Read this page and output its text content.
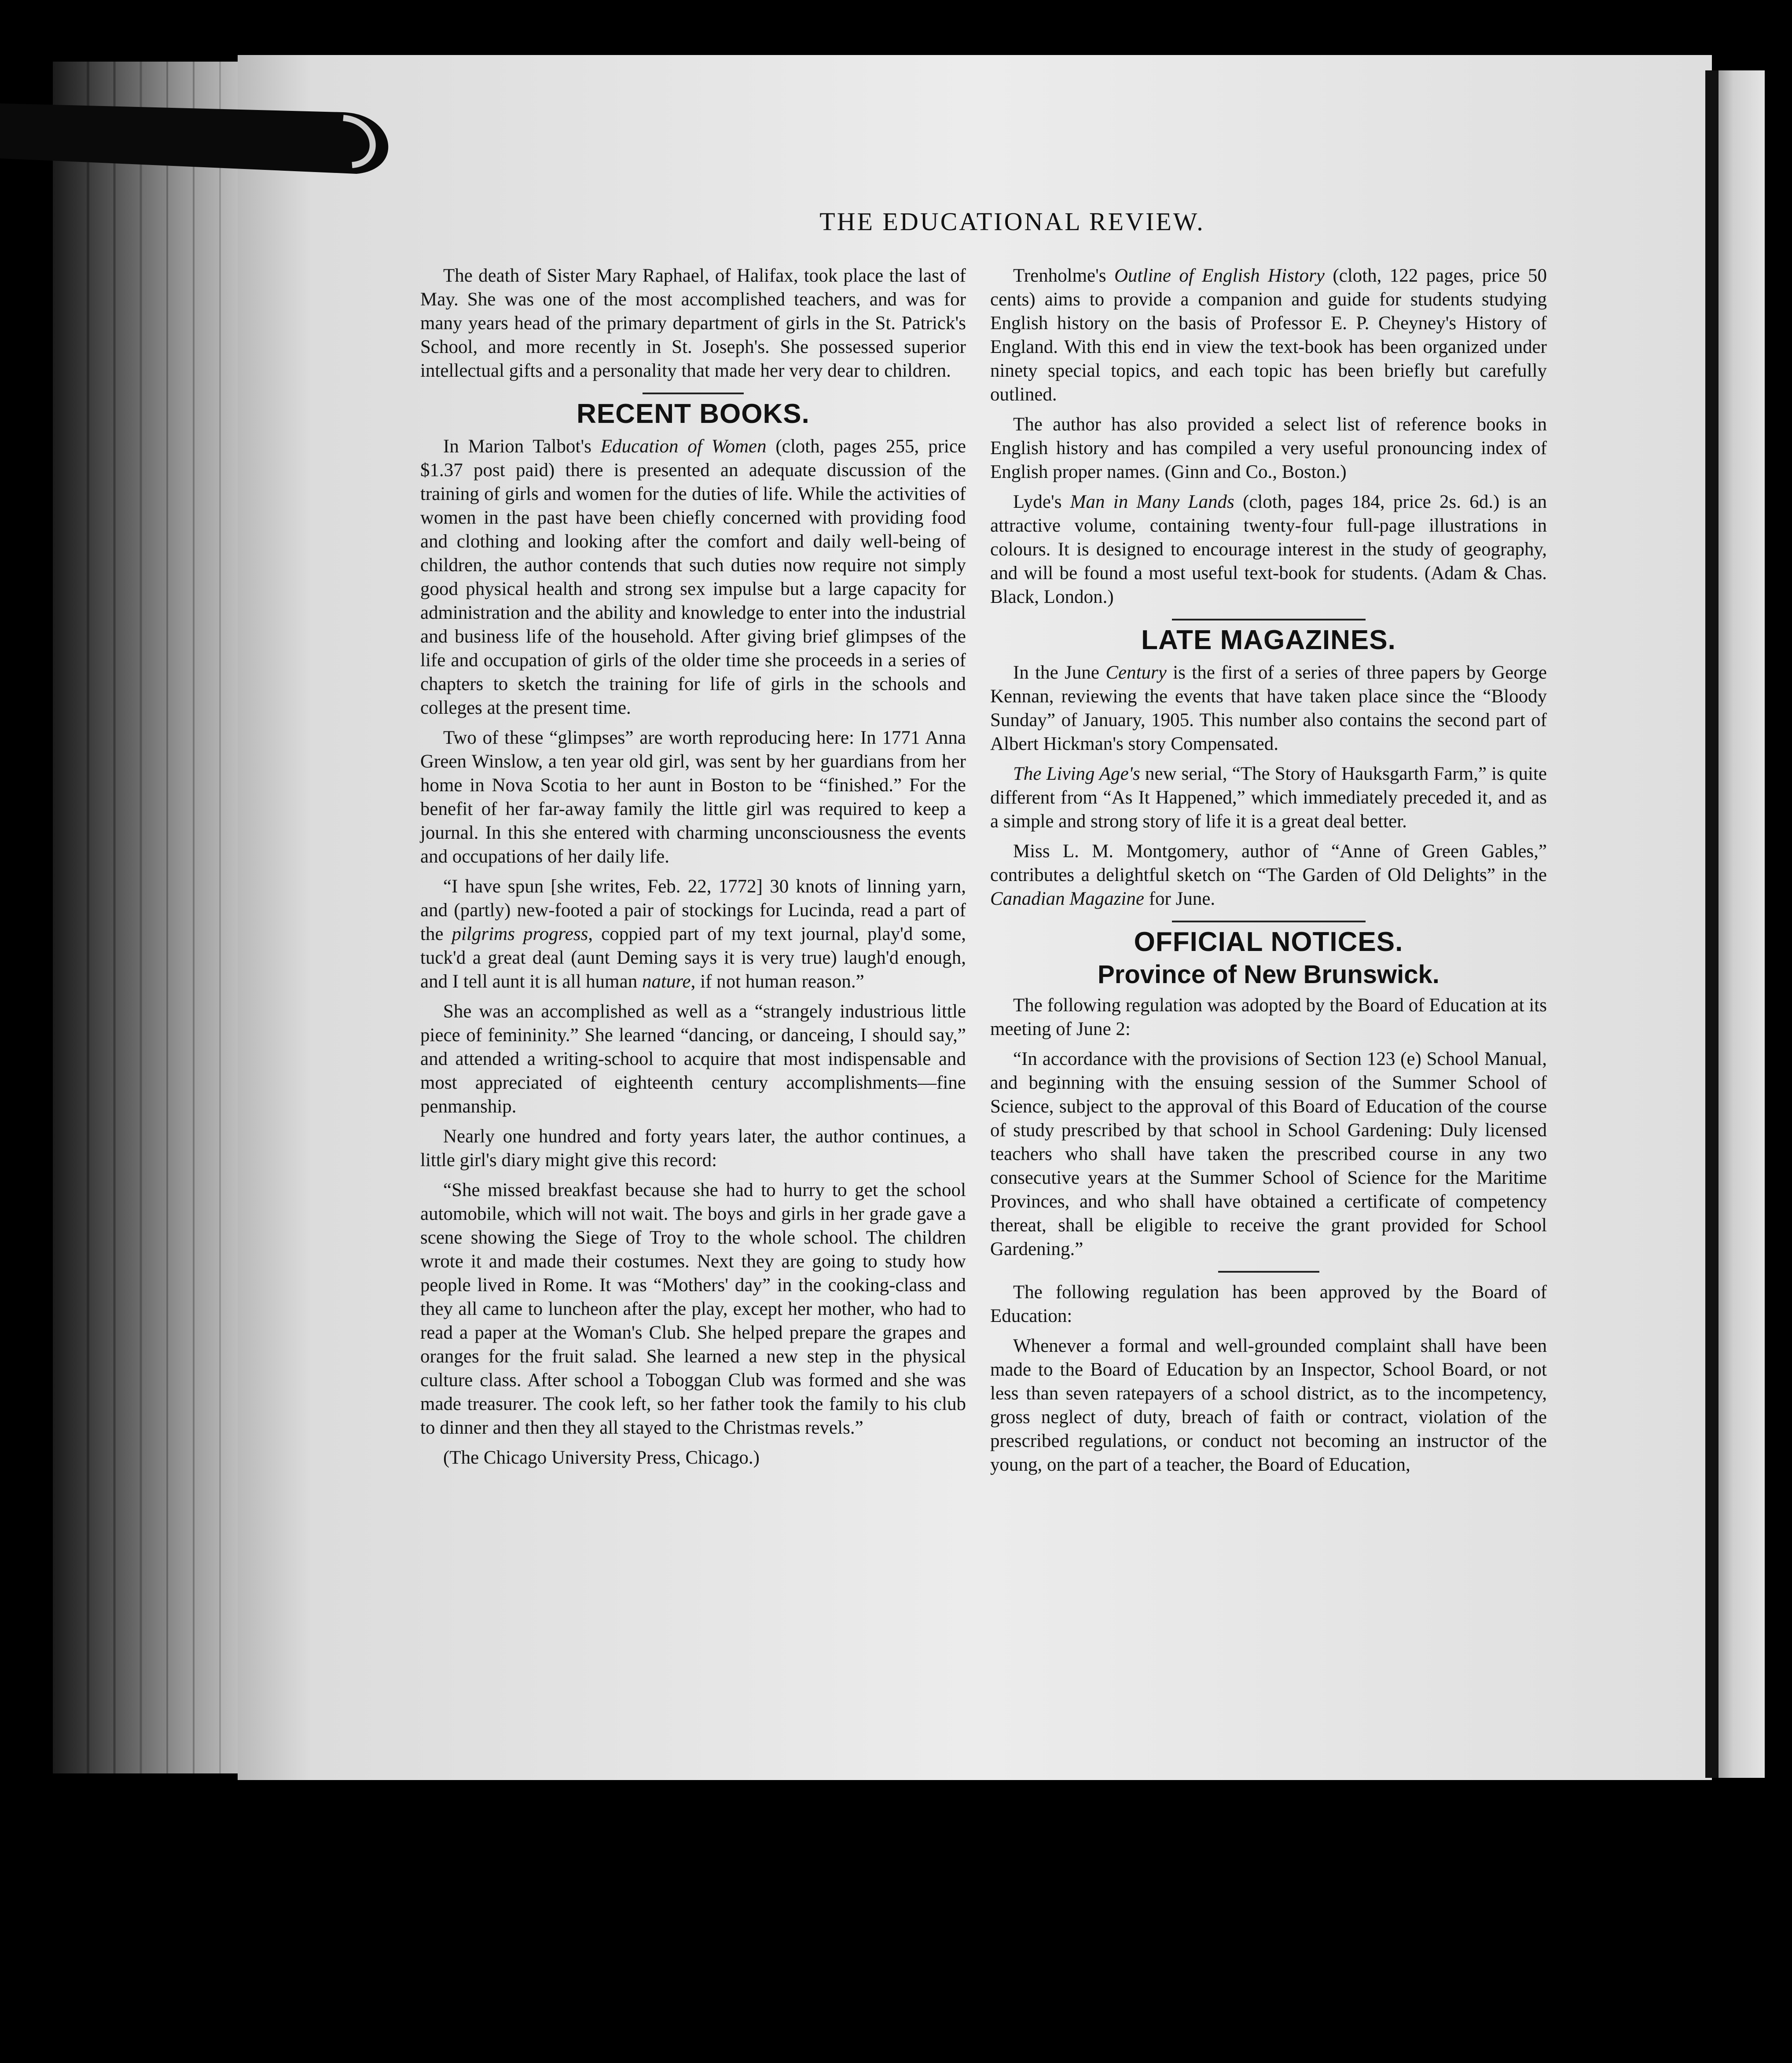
THE EDUCATIONAL REVIEW.

The death of Sister Mary Raphael, of Halifax, took place the last of May. She was one of the most accomplished teachers, and was for many years head of the primary department of girls in the St. Patrick's School, and more recently in St. Joseph's. She possessed superior intellectual gifts and a personality that made her very dear to children.

RECENT BOOKS.

In Marion Talbot's Education of Women (cloth, pages 255, price $1.37 post paid) there is presented an adequate discussion of the training of girls and women for the duties of life. While the activities of women in the past have been chiefly concerned with providing food and clothing and looking after the comfort and daily well-being of children, the author contends that such duties now require not simply good physical health and strong sex impulse but a large capacity for administration and the ability and knowledge to enter into the industrial and business life of the household. After giving brief glimpses of the life and occupation of girls of the older time she proceeds in a series of chapters to sketch the training for life of girls in the schools and colleges at the present time.

Two of these “glimpses” are worth reproducing here: In 1771 Anna Green Winslow, a ten year old girl, was sent by her guardians from her home in Nova Scotia to her aunt in Boston to be “finished.” For the benefit of her far-away family the little girl was required to keep a journal. In this she entered with charming unconsciousness the events and occupations of her daily life.

“I have spun [she writes, Feb. 22, 1772] 30 knots of linning yarn, and (partly) new-footed a pair of stockings for Lucinda, read a part of the pilgrims progress, coppied part of my text journal, play'd some, tuck'd a great deal (aunt Deming says it is very true) laugh'd enough, and I tell aunt it is all human nature, if not human reason.”

She was an accomplished as well as a “strangely industrious little piece of femininity.” She learned “dancing, or danceing, I should say,” and attended a writing-school to acquire that most indispensable and most appreciated of eighteenth century accomplishments—fine penmanship.

Nearly one hundred and forty years later, the author continues, a little girl's diary might give this record:

“She missed breakfast because she had to hurry to get the school automobile, which will not wait. The boys and girls in her grade gave a scene showing the Siege of Troy to the whole school. The children wrote it and made their costumes. Next they are going to study how people lived in Rome. It was “Mothers' day” in the cooking-class and they all came to luncheon after the play, except her mother, who had to read a paper at the Woman's Club. She helped prepare the grapes and oranges for the fruit salad. She learned a new step in the physical culture class. After school a Toboggan Club was formed and she was made treasurer. The cook left, so her father took the family to his club to dinner and then they all stayed to the Christmas revels.”

(The Chicago University Press, Chicago.)

Trenholme's Outline of English History (cloth, 122 pages, price 50 cents) aims to provide a companion and guide for students studying English history on the basis of Professor E. P. Cheyney's History of England. With this end in view the text-book has been organized under ninety special topics, and each topic has been briefly but carefully outlined.

The author has also provided a select list of reference books in English history and has compiled a very useful pronouncing index of English proper names. (Ginn and Co., Boston.)

Lyde's Man in Many Lands (cloth, pages 184, price 2s. 6d.) is an attractive volume, containing twenty-four full-page illustrations in colours. It is designed to encourage interest in the study of geography, and will be found a most useful text-book for students. (Adam & Chas. Black, London.)

LATE MAGAZINES.

In the June Century is the first of a series of three papers by George Kennan, reviewing the events that have taken place since the “Bloody Sunday” of January, 1905. This number also contains the second part of Albert Hickman's story Compensated.

The Living Age's new serial, “The Story of Hauksgarth Farm,” is quite different from “As It Happened,” which immediately preceded it, and as a simple and strong story of life it is a great deal better.

Miss L. M. Montgomery, author of “Anne of Green Gables,” contributes a delightful sketch on “The Garden of Old Delights” in the Canadian Magazine for June.

OFFICIAL NOTICES.
Province of New Brunswick.

The following regulation was adopted by the Board of Education at its meeting of June 2:

“In accordance with the provisions of Section 123 (e) School Manual, and beginning with the ensuing session of the Summer School of Science, subject to the approval of this Board of Education of the course of study prescribed by that school in School Gardening: Duly licensed teachers who shall have taken the prescribed course in any two consecutive years at the Summer School of Science for the Maritime Provinces, and who shall have obtained a certificate of competency thereat, shall be eligible to receive the grant provided for School Gardening.”

The following regulation has been approved by the Board of Education:

Whenever a formal and well-grounded complaint shall have been made to the Board of Education by an Inspector, School Board, or not less than seven ratepayers of a school district, as to the incompetency, gross neglect of duty, breach of faith or contract, violation of the prescribed regulations, or conduct not becoming an instructor of the young, on the part of a teacher, the Board of Education,
